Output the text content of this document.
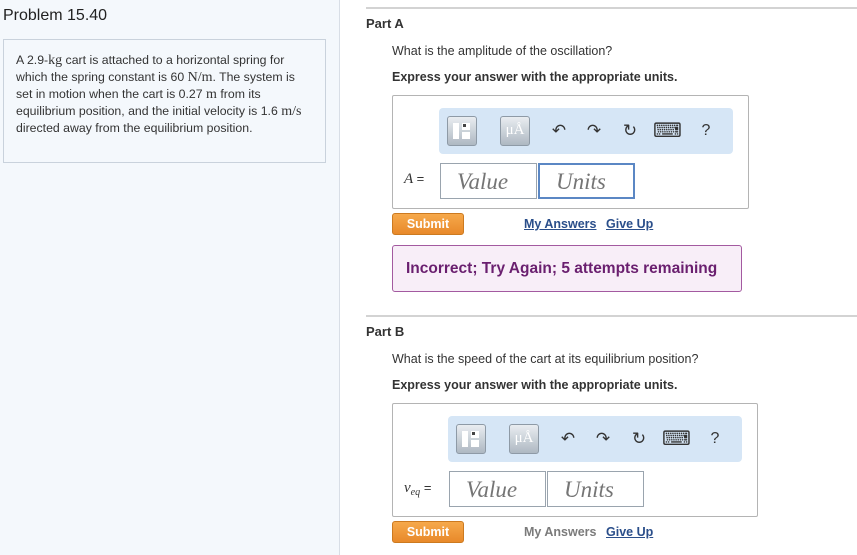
Problem 15.40
A 2.9-kg cart is attached to a horizontal spring for which the spring constant is 60 N/m. The system is set in motion when the cart is 0.27 m from its equilibrium position, and the initial velocity is 1.6 m/s directed away from the equilibrium position.
Part A
What is the amplitude of the oscillation?
Express your answer with the appropriate units.
μÅ ↶ ↷ ↻ ⌨ ?
A =
Value
Units
Submit	My Answers Give Up
Incorrect; Try Again; 5 attempts remaining
Part B
What is the speed of the cart at its equilibrium position?
Express your answer with the appropriate units.
μÅ ↶ ↷ ↻ ⌨ ?
$v_{eq}$ =
Value
Units
Submit	My Answers Give Up
